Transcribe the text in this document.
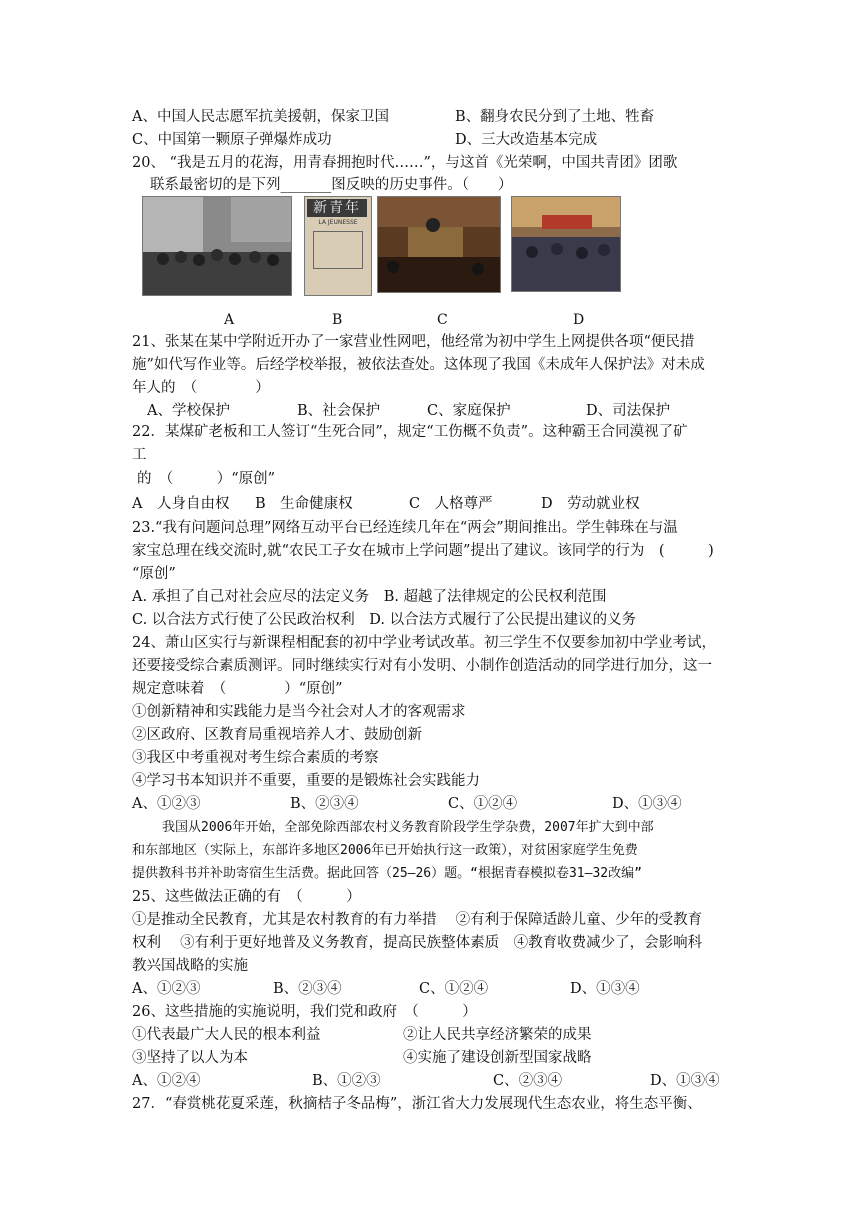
A、中国人民志愿军抗美援朝，保家卫国	B、翻身农民分到了土地、牲畜
C、中国第一颗原子弹爆炸成功	D、三大改造基本完成
20、 “我是五月的花海，用青春拥抱时代……”，与这首《光荣啊，中国共青团》团歌
联系最密切的是下列_______图反映的历史事件。（　　）
新青年
LA JEUNESSE
A	B	C	D
21、张某在某中学附近开办了一家营业性网吧，他经常为初中学生上网提供各项“便民措
施”如代写作业等。后经学校举报，被依法查处。这体现了我国《未成年人保护法》对未成
年人的　（　　　　）
A、学校保护	B、社会保护	C、家庭保护	D、司法保护
22．某煤矿老板和工人签订“生死合同”，规定“工伤概不负责”。这种霸王合同漠视了矿
工
的　（　　　）“原创”
A　人身自由权 B　生命健康权	C　人格尊严	D　劳动就业权
23.“我有问题问总理”网络互动平台已经连续几年在“两会”期间推出。学生韩珠在与温
家宝总理在线交流时,就“农民工子女在城市上学问题”提出了建议。该同学的行为　(　　　)
“原创”
A. 承担了自己对社会应尽的法定义务　B. 超越了法律规定的公民权利范围
C. 以合法方式行使了公民政治权利　D. 以合法方式履行了公民提出建议的义务
24、萧山区实行与新课程相配套的初中学业考试改革。初三学生不仅要参加初中学业考试，
还要接受综合素质测评。同时继续实行对有小发明、小制作创造活动的同学进行加分，这一
规定意味着　（　　　　）“原创”
①创新精神和实践能力是当今社会对人才的客观需求
②区政府、区教育局重视培养人才、鼓励创新
③我区中考重视对考生综合素质的考察
④学习书本知识并不重要，重要的是锻炼社会实践能力
A、①②③	B、②③④	C、①②④	D、①③④
我国从2006年开始，全部免除西部农村义务教育阶段学生学杂费，2007年扩大到中部
和东部地区（实际上，东部许多地区2006年已开始执行这一政策），对贫困家庭学生免费
提供教科书并补助寄宿生生活费。据此回答（25—26）题。“根据青春模拟卷31—32改编”
25、这些做法正确的有　（　　　）
①是推动全民教育，尤其是农村教育的有力举措　 ②有利于保障适龄儿童、少年的受教育
权利　 ③有利于更好地普及义务教育，提高民族整体素质　④教育收费减少了，会影响科
教兴国战略的实施
A、①②③	B、②③④	C、①②④	D、①③④
26、这些措施的实施说明，我们党和政府　（　　　）
①代表最广大人民的根本利益	②让人民共享经济繁荣的成果
③坚持了以人为本	④实施了建设创新型国家战略
A、①②④	B、①②③	C、②③④	D、①③④
27．“春赏桃花夏采莲，秋摘桔子冬品梅”，浙江省大力发展现代生态农业，将生态平衡、
